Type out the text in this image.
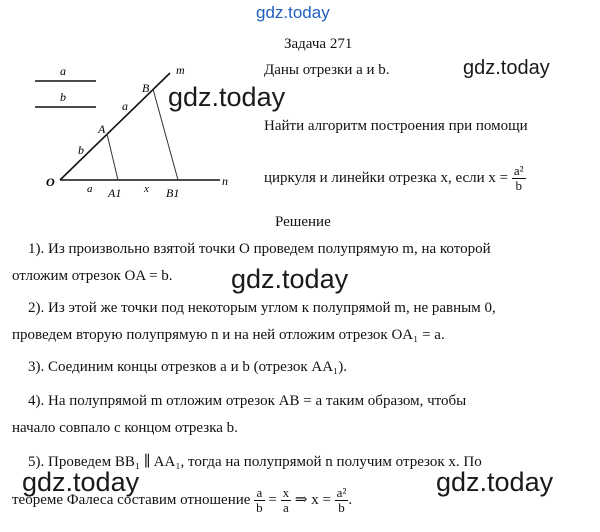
gdz.today
gdz.today
gdz.today
gdz.today
gdz.today	gdz.today
Задача 271
a
b
O
A
B
m
n
b
a
a	x
A1	B1
Даны отрезки a и b.
Найти алгоритм построения при помощи
циркуля и линейки отрезка x, если $x = \frac{\text{a²}}{b}$
Решение
1). Из произвольно взятой точки O проведем полупрямую m, на которой
отложим отрезок OA = b.
2). Из этой же точки под некоторым углом к полупрямой m, не равным 0,
проведем вторую полупрямую n и на ней отложим отрезок OA₁ = a.
3). Соединим концы отрезков a и b (отрезок AA₁).
4). На полупрямой m отложим отрезок AB = a таким образом, чтобы
начало совпало с концом отрезка b.
5). Проведем BB₁ ∥ AA₁, тогда на полупрямой n получим отрезок x. По
теореме Фалеса составим отношение $\frac{a}{b} = \frac{x}{a}$ ⇒ $x = \frac{\text{a²}}{b}$ .
